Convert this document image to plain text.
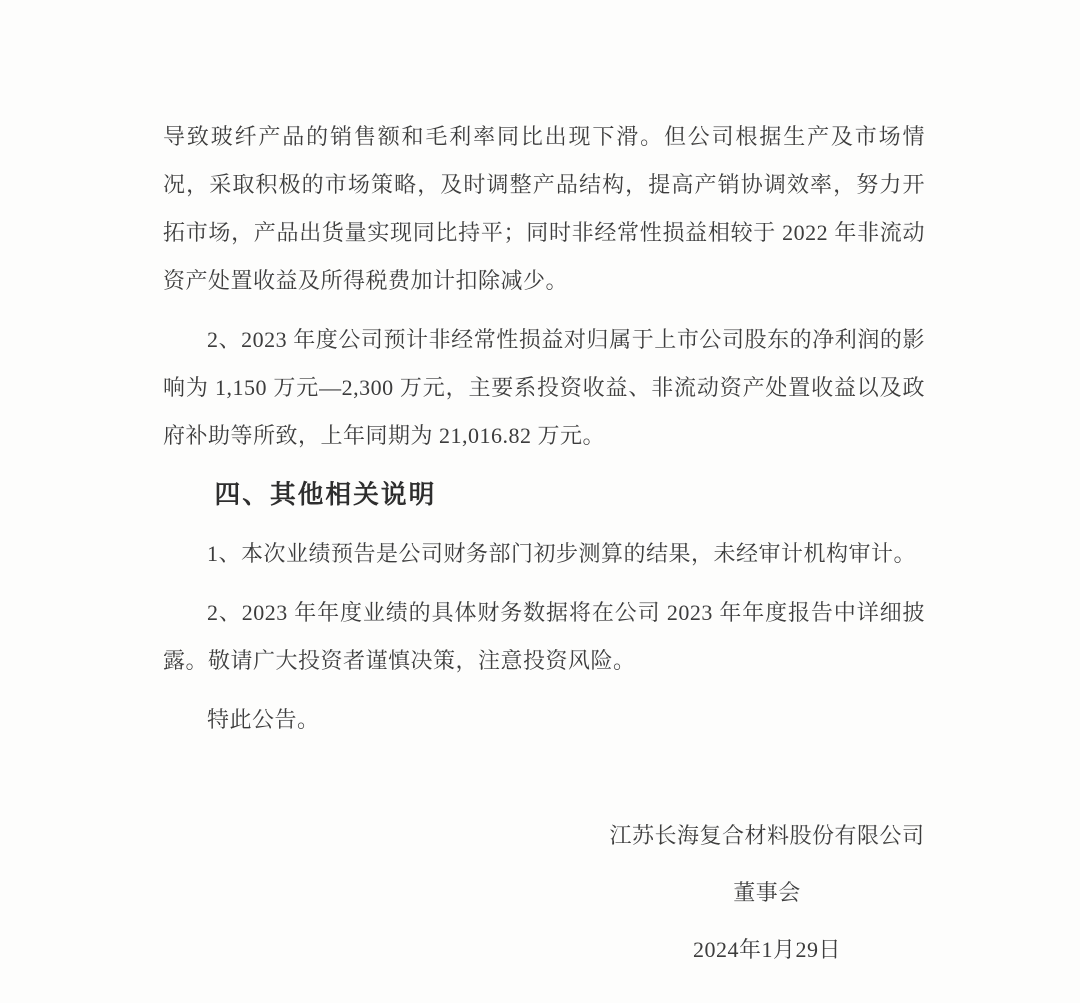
导致玻纤产品的销售额和毛利率同比出现下滑。但公司根据生产及市场情况，采取积极的市场策略，及时调整产品结构，提高产销协调效率，努力开拓市场，产品出货量实现同比持平；同时非经常性损益相较于 2022 年非流动资产处置收益及所得税费加计扣除减少。

2、2023 年度公司预计非经常性损益对归属于上市公司股东的净利润的影响为 1,150 万元—2,300 万元，主要系投资收益、非流动资产处置收益以及政府补助等所致，上年同期为 21,016.82 万元。

四、其他相关说明

1、本次业绩预告是公司财务部门初步测算的结果，未经审计机构审计。

2、2023 年年度业绩的具体财务数据将在公司 2023 年年度报告中详细披露。敬请广大投资者谨慎决策，注意投资风险。

特此公告。

江苏长海复合材料股份有限公司
董事会
2024年1月29日
